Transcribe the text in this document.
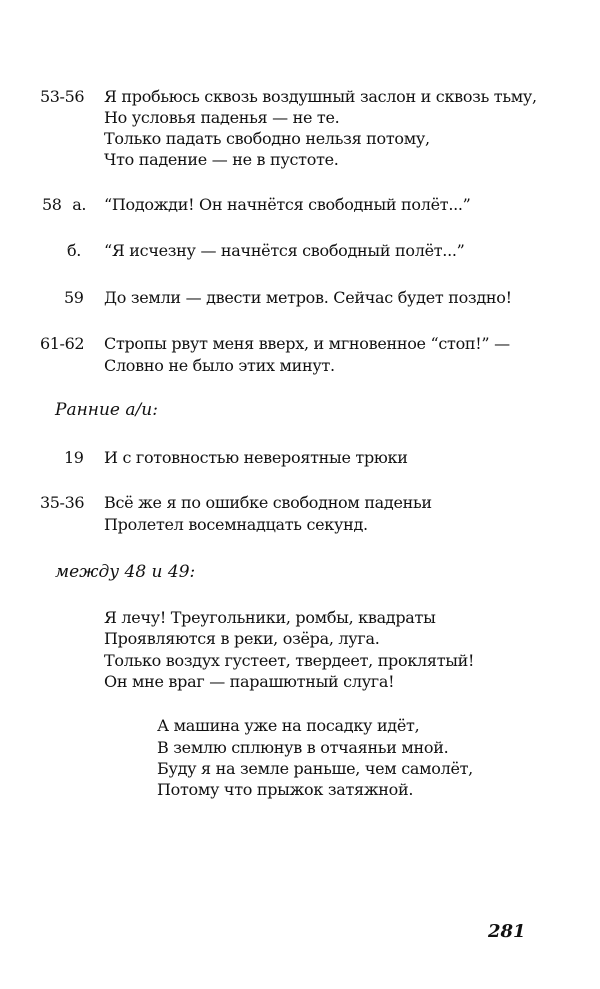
53-56 Я пробьюсь сквозь воздушный заслон и сквозь тьму,
Но условья паденья — не те.
Только падать свободно нельзя потому,
Что падение — не в пустоте.
58 а. “Подожди! Он начнётся свободный полёт...”
б. “Я исчезну — начнётся свободный полёт...”
59 До земли — двести метров. Сейчас будет поздно!
61-62 Стропы рвут меня вверх, и мгновенное “стоп!” —
Словно не было этих минут.
Ранние а/и:
19 И с готовностью невероятные трюки
35-36 Всё же я по ошибке свободном паденьи
Пролетел восемнадцать секунд.
между 48 и 49:
Я лечу! Треугольники, ромбы, квадраты
Проявляются в реки, озёра, луга.
Только воздух густеет, твердеет, проклятый!
Он мне враг — парашютный слуга!
А машина уже на посадку идёт,
В землю сплюнув в отчаяньи мной.
Буду я на земле раньше, чем самолёт,
Потому что прыжок затяжной.
281
